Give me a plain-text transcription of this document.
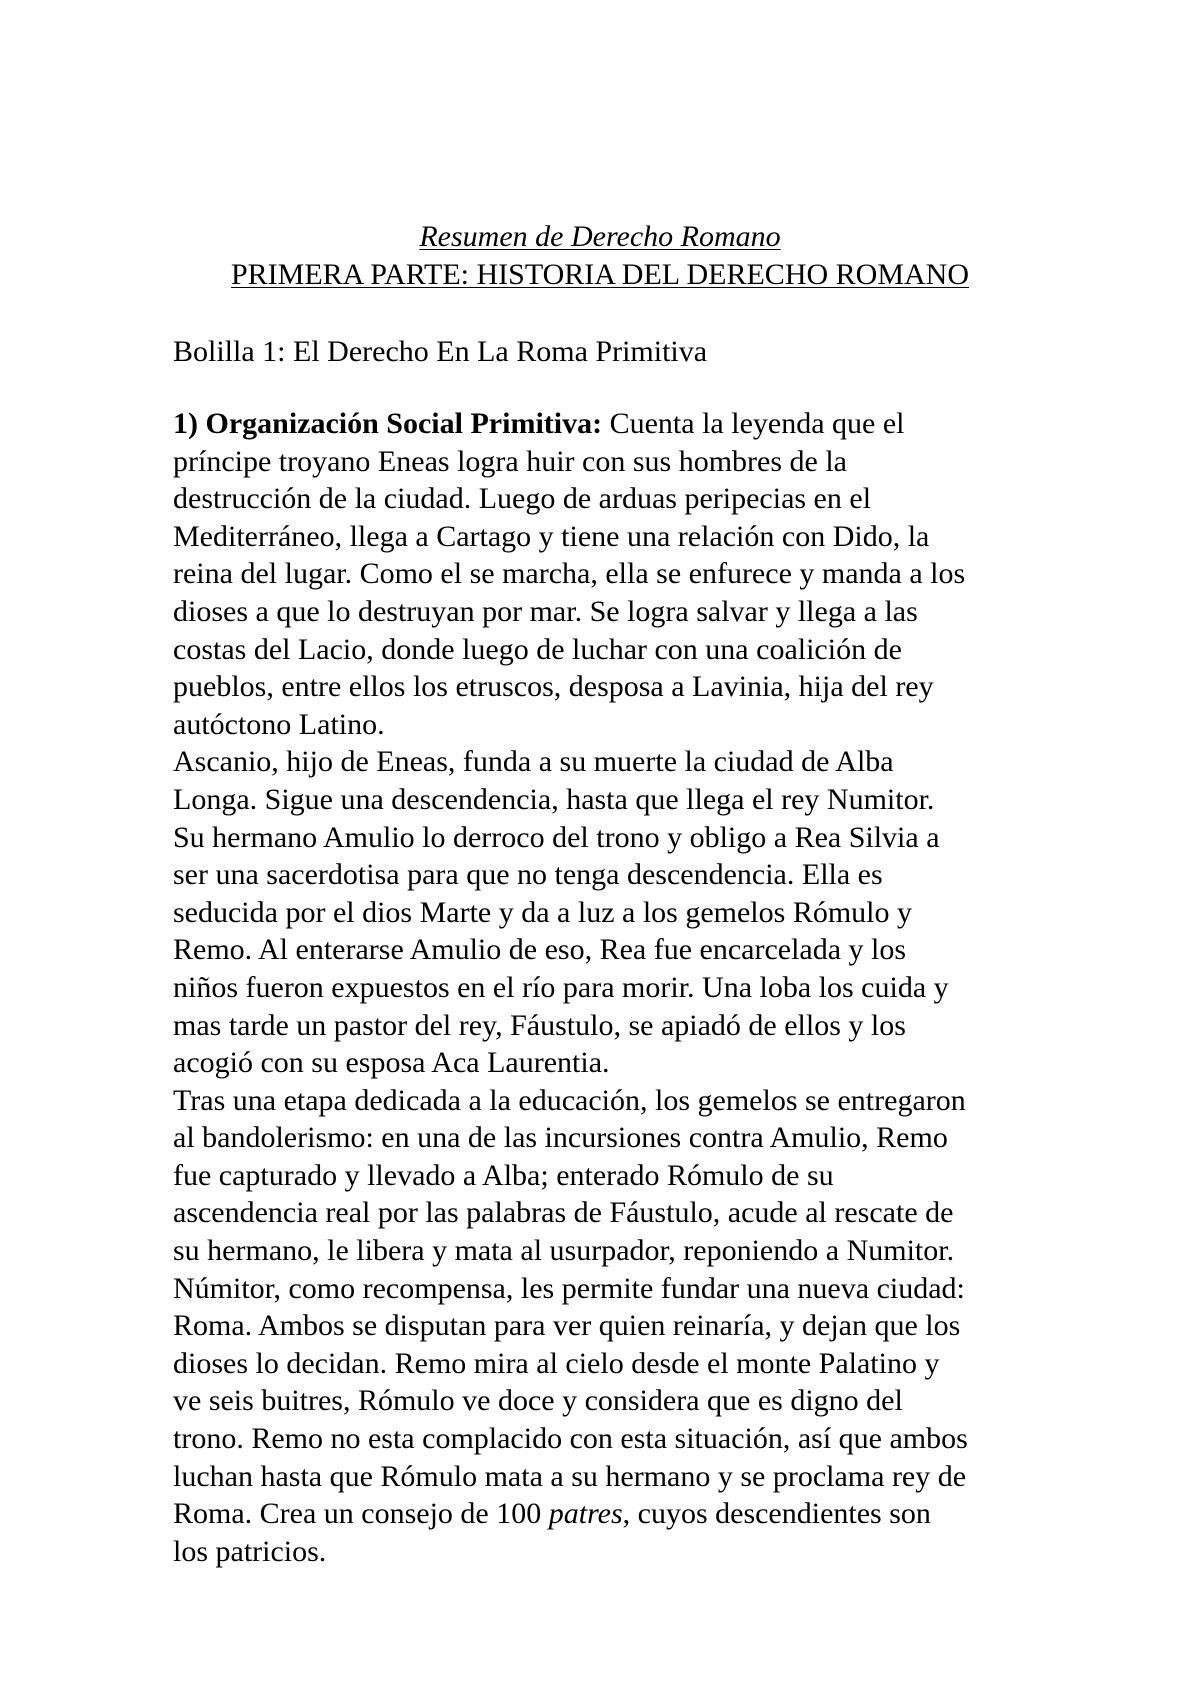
Resumen de Derecho Romano
PRIMERA PARTE: HISTORIA DEL DERECHO ROMANO
Bolilla 1: El Derecho En La Roma Primitiva
1) Organización Social Primitiva: Cuenta la leyenda que el
príncipe troyano Eneas logra huir con sus hombres de la
destrucción de la ciudad. Luego de arduas peripecias en el
Mediterráneo, llega a Cartago y tiene una relación con Dido, la
reina del lugar. Como el se marcha, ella se enfurece y manda a los
dioses a que lo destruyan por mar. Se logra salvar y llega a las
costas del Lacio, donde luego de luchar con una coalición de
pueblos, entre ellos los etruscos, desposa a Lavinia, hija del rey
autóctono Latino.
Ascanio, hijo de Eneas, funda a su muerte la ciudad de Alba
Longa. Sigue una descendencia, hasta que llega el rey Numitor.
Su hermano Amulio lo derroco del trono y obligo a Rea Silvia a
ser una sacerdotisa para que no tenga descendencia. Ella es
seducida por el dios Marte y da a luz a los gemelos Rómulo y
Remo. Al enterarse Amulio de eso, Rea fue encarcelada y los
niños fueron expuestos en el río para morir. Una loba los cuida y
mas tarde un pastor del rey, Fáustulo, se apiadó de ellos y los
acogió con su esposa Aca Laurentia.
Tras una etapa dedicada a la educación, los gemelos se entregaron
al bandolerismo: en una de las incursiones contra Amulio, Remo
fue capturado y llevado a Alba; enterado Rómulo de su
ascendencia real por las palabras de Fáustulo, acude al rescate de
su hermano, le libera y mata al usurpador, reponiendo a Numitor.
Númitor, como recompensa, les permite fundar una nueva ciudad:
Roma. Ambos se disputan para ver quien reinaría, y dejan que los
dioses lo decidan. Remo mira al cielo desde el monte Palatino y
ve seis buitres, Rómulo ve doce y considera que es digno del
trono. Remo no esta complacido con esta situación, así que ambos
luchan hasta que Rómulo mata a su hermano y se proclama rey de
Roma. Crea un consejo de 100 patres, cuyos descendientes son
los patricios.
